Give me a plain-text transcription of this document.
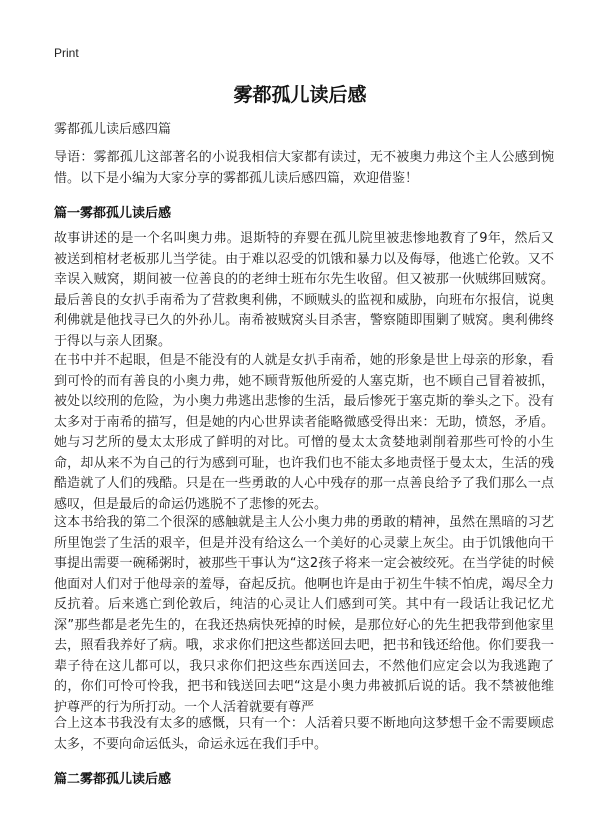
Print
雾都孤儿读后感
雾都孤儿读后感四篇

导语：雾都孤儿这部著名的小说我相信大家都有读过，无不被奥力弗这个主人公感到惋惜。以下是小编为大家分享的雾都孤儿读后感四篇，欢迎借鉴！

篇一雾都孤儿读后感

故事讲述的是一个名叫奥力弗。退斯特的弃婴在孤儿院里被悲惨地教育了9年，然后又被送到棺材老板那儿当学徒。由于难以忍受的饥饿和暴力以及侮辱，他逃亡伦敦。又不幸误入贼窝，期间被一位善良的的老绅士班布尔先生收留。但又被那一伙贼绑回贼窝。最后善良的女扒手南希为了营救奥利佛，不顾贼头的监视和威胁，向班布尔报信，说奥利佛就是他找寻已久的外孙儿。南希被贼窝头目杀害，警察随即围剿了贼窝。奥利佛终于得以与亲人团聚。

在书中并不起眼，但是不能没有的人就是女扒手南希，她的形象是世上母亲的形象，看到可怜的而有善良的小奥力弗，她不顾背叛他所爱的人塞克斯，也不顾自己冒着被抓，被处以绞刑的危险，为小奥力弗逃出悲惨的生活，最后惨死于塞克斯的拳头之下。没有太多对于南希的描写，但是她的内心世界读者能略微感受得出来：无助，愤怒，矛盾。她与习艺所的曼太太形成了鲜明的对比。可憎的曼太太贪婪地剥削着那些可怜的小生命，却从来不为自己的行为感到可耻，也许我们也不能太多地责怪于曼太太，生活的残酷造就了人们的残酷。只是在一些勇敢的人心中残存的那一点善良给予了我们那么一点感叹，但是最后的命运仍逃脱不了悲惨的死去。

这本书给我的第二个很深的感触就是主人公小奥力弗的勇敢的精神，虽然在黑暗的习艺所里饱尝了生活的艰辛，但是并没有给这么一个美好的心灵蒙上灰尘。由于饥饿他向干事提出需要一碗稀粥时，被那些干事认为“这2孩子将来一定会被绞死。在当学徒的时候他面对人们对于他母亲的羞辱，奋起反抗。他啊也许是由于初生牛犊不怕虎，竭尽全力反抗着。后来逃亡到伦敦后，纯洁的心灵让人们感到可笑。其中有一段话让我记忆尤深”那些都是老先生的，在我还热病快死掉的时候，是那位好心的先生把我带到他家里去，照看我养好了病。哦，求求你们把这些都送回去吧，把书和钱还给他。你们要我一辈子待在这儿都可以，我只求你们把这些东西送回去，不然他们应定会以为我逃跑了的，你们可怜可怜我，把书和钱送回去吧“这是小奥力弗被抓后说的话。我不禁被他维护尊严的行为所打动。一个人活着就要有尊严

合上这本书我没有太多的感慨，只有一个：人活着只要不断地向这梦想千金不需要顾虑太多，不要向命运低头，命运永远在我们手中。

篇二雾都孤儿读后感
